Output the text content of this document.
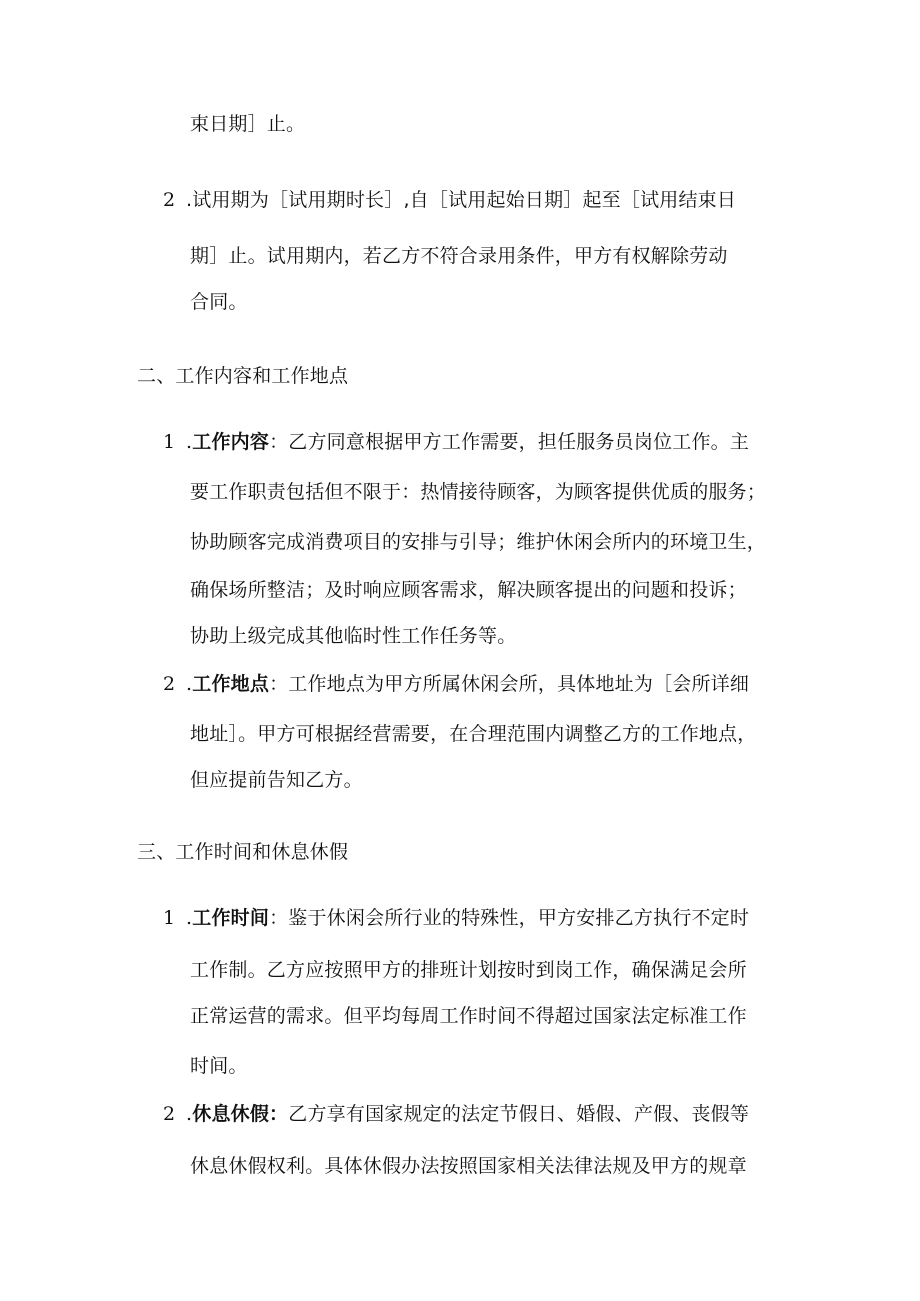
束日期］止。
2 .试用期为［试用期时长］,自［试用起始日期］起至［试用结束日
期］止。试用期内，若乙方不符合录用条件，甲方有权解除劳动
合同。
二、工作内容和工作地点
1 .工作内容：乙方同意根据甲方工作需要，担任服务员岗位工作。主
要工作职责包括但不限于：热情接待顾客，为顾客提供优质的服务；
协助顾客完成消费项目的安排与引导；维护休闲会所内的环境卫生，
确保场所整洁；及时响应顾客需求，解决顾客提出的问题和投诉；
协助上级完成其他临时性工作任务等。
2 .工作地点：工作地点为甲方所属休闲会所，具体地址为［会所详细
地址］。甲方可根据经营需要，在合理范围内调整乙方的工作地点，
但应提前告知乙方。
三、工作时间和休息休假
1 .工作时间：鉴于休闲会所行业的特殊性，甲方安排乙方执行不定时
工作制。乙方应按照甲方的排班计划按时到岗工作，确保满足会所
正常运营的需求。但平均每周工作时间不得超过国家法定标准工作
时间。
2 .休息休假：乙方享有国家规定的法定节假日、婚假、产假、丧假等
休息休假权利。具体休假办法按照国家相关法律法规及甲方的规章
